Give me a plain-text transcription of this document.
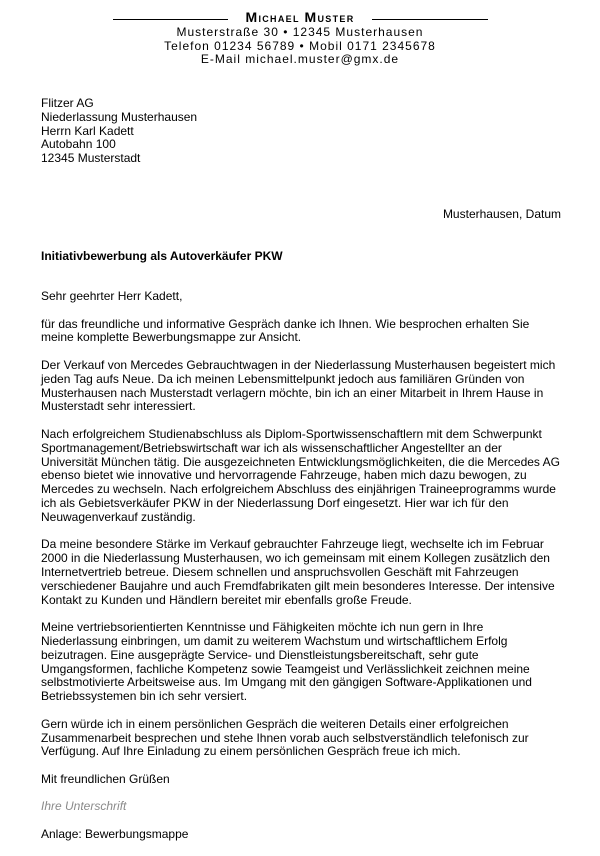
Michael Muster
Musterstraße 30 • 12345 Musterhausen
Telefon 01234 56789 • Mobil 0171 2345678
E-Mail michael.muster@gmx.de
Flitzer AG
Niederlassung Musterhausen
Herrn Karl Kadett
Autobahn 100
12345 Musterstadt
Musterhausen, Datum
Initiativbewerbung als Autoverkäufer PKW

Sehr geehrter Herr Kadett,

für das freundliche und informative Gespräch danke ich Ihnen. Wie besprochen erhalten Sie meine komplette Bewerbungsmappe zur Ansicht.

Der Verkauf von Mercedes Gebrauchtwagen in der Niederlassung Musterhausen begeistert mich jeden Tag aufs Neue. Da ich meinen Lebensmittelpunkt jedoch aus familiären Gründen von Musterhausen nach Musterstadt verlagern möchte, bin ich an einer Mitarbeit in Ihrem Hause in Musterstadt sehr interessiert.

Nach erfolgreichem Studienabschluss als Diplom-Sportwissenschaftlern mit dem Schwerpunkt Sportmanagement/Betriebswirtschaft war ich als wissenschaftlicher Angestellter an der Universität München tätig. Die ausgezeichneten Entwicklungsmöglichkeiten, die die Mercedes AG ebenso bietet wie innovative und hervorragende Fahrzeuge, haben mich dazu bewogen, zu Mercedes zu wechseln. Nach erfolgreichem Abschluss des einjährigen Traineeprogramms wurde ich als Gebietsverkäufer PKW in der Niederlassung Dorf eingesetzt. Hier war ich für den Neuwagenverkauf zuständig.

Da meine besondere Stärke im Verkauf gebrauchter Fahrzeuge liegt, wechselte ich im Februar 2000 in die Niederlassung Musterhausen, wo ich gemeinsam mit einem Kollegen zusätzlich den Internetvertrieb betreue. Diesem schnellen und anspruchsvollen Geschäft mit Fahrzeugen verschiedener Baujahre und auch Fremdfabrikaten gilt mein besonderes Interesse. Der intensive Kontakt zu Kunden und Händlern bereitet mir ebenfalls große Freude.

Meine vertriebsorientierten Kenntnisse und Fähigkeiten möchte ich nun gern in Ihre Niederlassung einbringen, um damit zu weiterem Wachstum und wirtschaftlichem Erfolg beizutragen. Eine ausgeprägte Service- und Dienstleistungsbereitschaft, sehr gute Umgangsformen, fachliche Kompetenz sowie Teamgeist und Verlässlichkeit zeichnen meine selbstmotivierte Arbeitsweise aus. Im Umgang mit den gängigen Software-Applikationen und Betriebssystemen bin ich sehr versiert.

Gern würde ich in einem persönlichen Gespräch die weiteren Details einer erfolgreichen Zusammenarbeit besprechen und stehe Ihnen vorab auch selbstverständlich telefonisch zur Verfügung. Auf Ihre Einladung zu einem persönlichen Gespräch freue ich mich.

Mit freundlichen Grüßen

Ihre Unterschrift

Anlage: Bewerbungsmappe
